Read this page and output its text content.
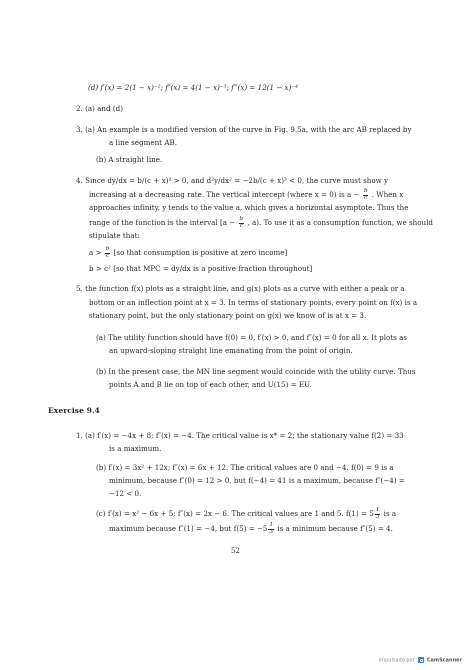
(d) f′(x) = 2(1 − x)⁻²; f″(x) = 4(1 − x)⁻³; f‴(x) = 12(1 − x)⁻⁴
2. (a) and (d)
3. (a) An example is a modified version of the curve in Fig. 9.5a, with the arc AB replaced by
a line segment AB.
(b) A straight line.
4. Since dy/dx = b/(c + x)² > 0, and d²y/dx² = −2b/(c + x)³ < 0, the curve must show y
increasing at a decreasing rate. The vertical intercept (where x = 0) is $a - \frac{b}{c}$ . When x
approaches infinity, y tends to the value a, which gives a horizontal asymptote. Thus the
range of the function is the interval [$a - \frac{b}{c}$ , a). To use it as a consumption function, we should
stipulate that:
$a > \frac{b}{c} [so$ that consumption is positive at zero income]
b > c² [so that MPC = dy/dx is a positive fraction throughout]
5. the function f(x) plots as a straight line, and g(x) plots as a curve with either a peak or a
bottom or an inflection point at x = 3. In terms of stationary points, every point on f(x) is a
stationary point, but the only stationary point on g(x) we know of is at x = 3.
(a) The utility function should have f(0) = 0, f′(x) > 0, and f″(x) = 0 for all x. It plots as
an upward-sloping straight line emanating from the point of origin.
(b) In the present case, the MN line segment would coincide with the utility curve. Thus
points A and B lie on top of each other, and U(15) = EU.
Exercise 9.4
1. (a) f′(x) = −4x + 8; f″(x) = −4. The critical value is x* = 2; the stationary value f(2) = 33
is a maximum.
(b) f′(x) = 3x² + 12x; f″(x) = 6x + 12. The critical values are 0 and −4. f(0) = 9 is a
minimum, because f″(0) = 12 > 0, but f(−4) = 41 is a maximum, because f″(−4) =
−12 < 0.
(c) f′(x) = x² − 6x + 5; f″(x) = 2x − 6. The critical values are 1 and 5. $f(1) = 5 \frac{1}{3}$ is a
maximum because f″(1) = −4, but $f(5) = -5 \frac{1}{3}$ is a minimum because f″(5) = 4.
52
Impulsado por CamScanner
